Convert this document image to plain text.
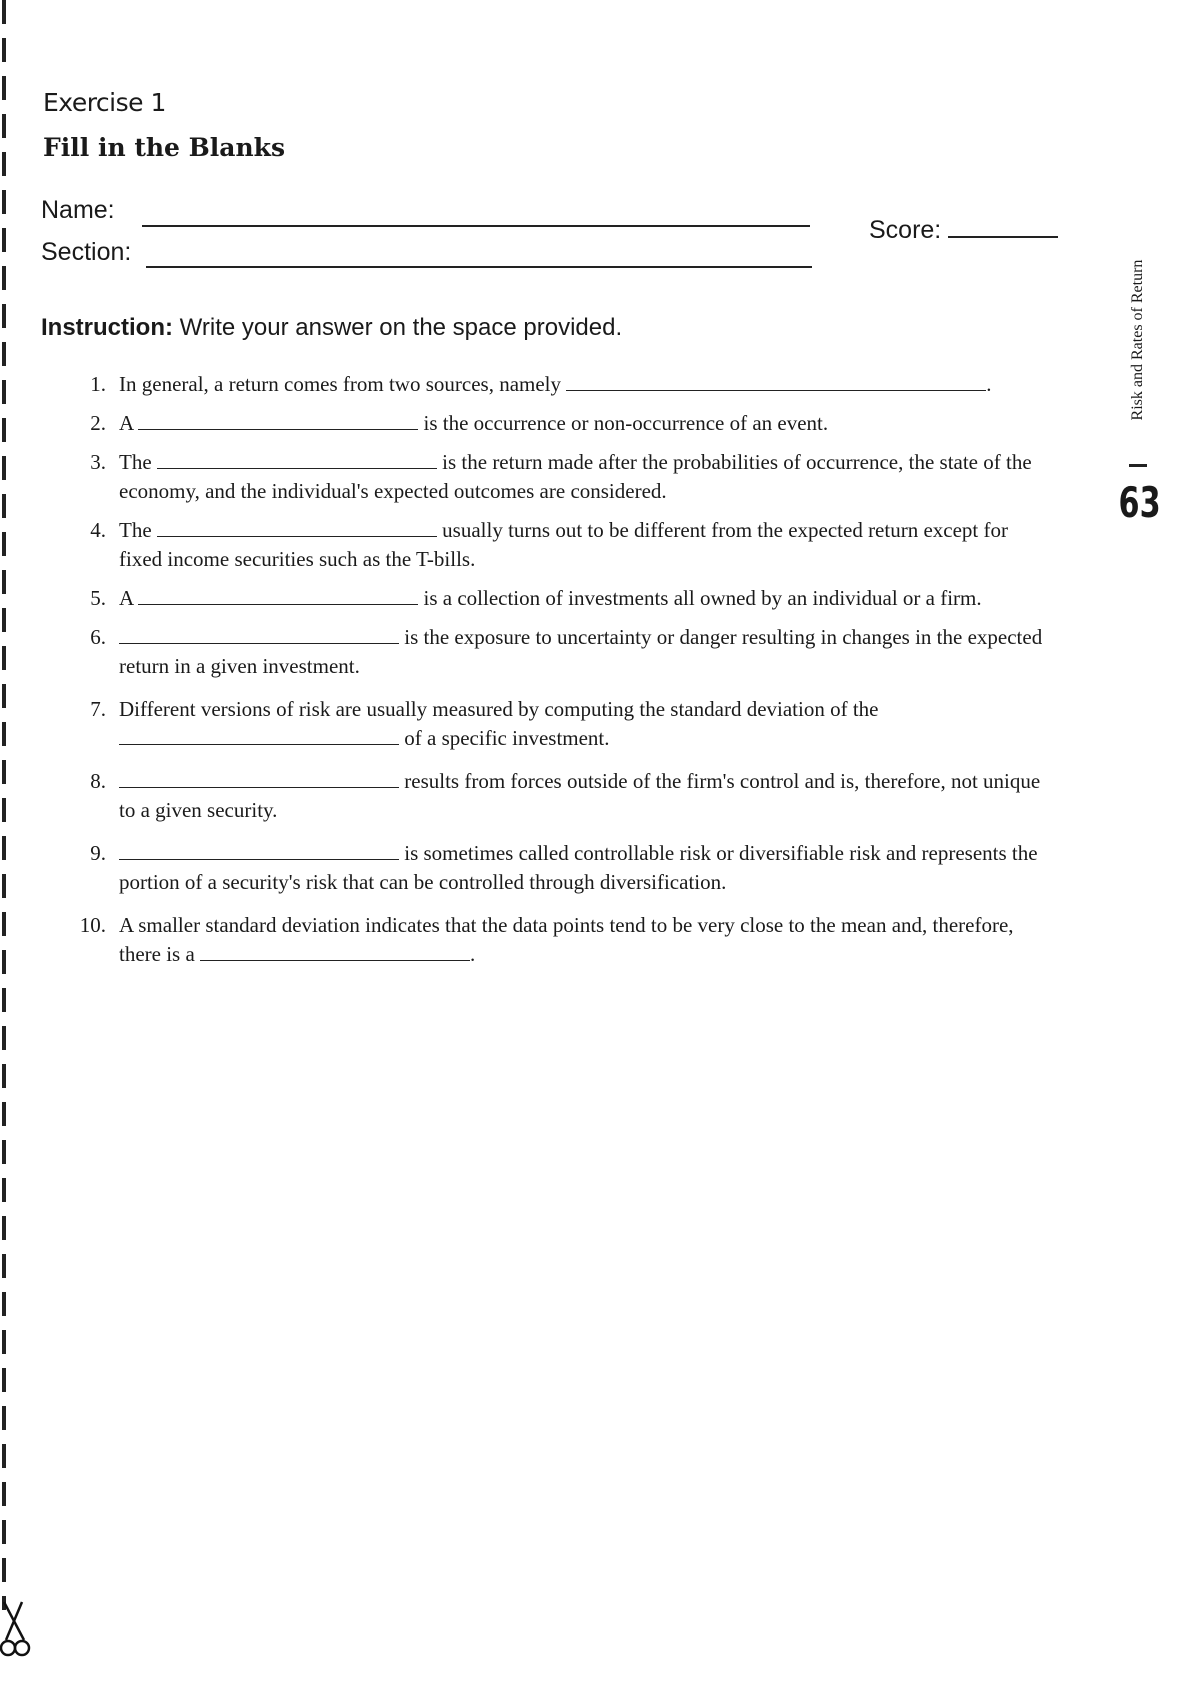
Exercise 1
Fill in the Blanks
Name:
Section:
Score:
Risk and Rates of Return
63
Instruction: Write your answer on the space provided.
1. In general, a return comes from two sources, namely	.
2. A	is the occurrence or non-occurrence of an event.
3. The	is the return made after the probabilities of occurrence, the state of the economy, and the individual's expected outcomes are considered.
4. The	usually turns out to be different from the expected return except for fixed income securities such as the T-bills.
5. A	is a collection of investments all owned by an individual or a firm.
6.	is the exposure to uncertainty or danger resulting in changes in the expected return in a given investment.
7. Different versions of risk are usually measured by computing the standard deviation of the  of a specific investment.
8.	results from forces outside of the firm's control and is, therefore, not unique to a given security.
9.	is sometimes called controllable risk or diversifiable risk and represents the portion of a security's risk that can be controlled through diversification.
10. A smaller standard deviation indicates that the data points tend to be very close to the mean and, therefore, there is a	.
